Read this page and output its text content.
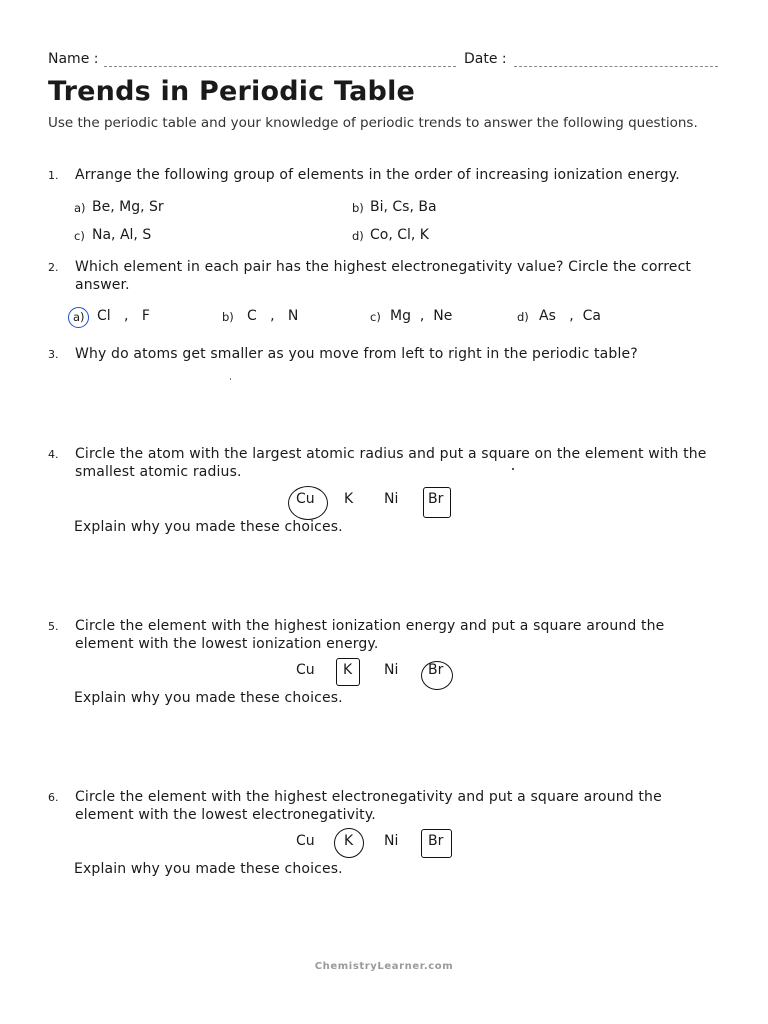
Name :	Date :
Trends in Periodic Table
Use the periodic table and your knowledge of periodic trends to answer the following questions.
1. Arrange the following group of elements in the order of increasing ionization energy.
a) Be, Mg, Sr	b) Bi, Cs, Ba
c) Na, Al, S	d) Co, Cl, K
2. Which element in each pair has the highest electronegativity value? Circle the correct answer.
a) Cl   ,   F	b) C   ,   N	c) Mg  ,  Ne	d) As   ,  Ca
3. Why do atoms get smaller as you move from left to right in the periodic table?
4. Circle the atom with the largest atomic radius and put a square on the element with the smallest atomic radius.
Cu K Ni Br
Explain why you made these choices.
5. Circle the element with the highest ionization energy and put a square around the element with the lowest ionization energy.
Cu K Ni Br
Explain why you made these choices.
6. Circle the element with the highest electronegativity and put a square around the element with the lowest electronegativity.
Cu K Ni Br
Explain why you made these choices.
ChemistryLearner.com
